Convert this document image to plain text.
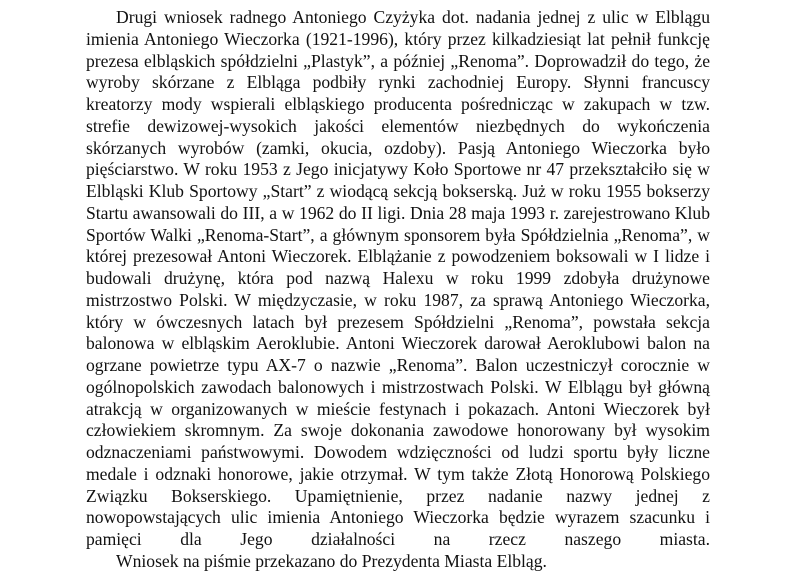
Drugi wniosek radnego Antoniego Czyżyka dot. nadania jednej z ulic w Elblągu imienia Antoniego Wieczorka (1921-1996), który przez kilkadziesiąt lat pełnił funkcję prezesa elbląskich spółdzielni „Plastyk”, a później „Renoma”. Doprowadził do tego, że wyroby skórzane z Elbląga podbiły rynki zachodniej Europy. Słynni francuscy kreatorzy mody wspierali elbląskiego producenta pośrednicząc w zakupach w tzw. strefie dewizowej-wysokich jakości elementów niezbędnych do wykończenia skórzanych wyrobów (zamki, okucia, ozdoby). Pasją Antoniego Wieczorka było pięściarstwo. W roku 1953 z Jego inicjatywy Koło Sportowe nr 47 przekształciło się w Elbląski Klub Sportowy „Start” z wiodącą sekcją bokserską. Już w roku 1955 bokserzy Startu awansowali do III, a w 1962 do II ligi. Dnia 28 maja 1993 r. zarejestrowano Klub Sportów Walki „Renoma-Start”, a głównym sponsorem była Spółdzielnia „Renoma”, w której prezesował Antoni Wieczorek. Elblążanie z powodzeniem boksowali w I lidze i budowali drużynę, która pod nazwą Halexu w roku 1999 zdobyła drużynowe mistrzostwo Polski. W międzyczasie, w roku 1987, za sprawą Antoniego Wieczorka, który w ówczesnych latach był prezesem Spółdzielni „Renoma”, powstała sekcja balonowa w elbląskim Aeroklubie. Antoni Wieczorek darował Aeroklubowi balon na ogrzane powietrze typu AX-7 o nazwie „Renoma”. Balon uczestniczył corocznie w ogólnopolskich zawodach balonowych i mistrzostwach Polski. W Elblągu był główną atrakcją w organizowanych w mieście festynach i pokazach. Antoni Wieczorek był człowiekiem skromnym. Za swoje dokonania zawodowe honorowany był wysokim odznaczeniami państwowymi. Dowodem wdzięczności od ludzi sportu były liczne medale i odznaki honorowe, jakie otrzymał. W tym także Złotą Honorową Polskiego Związku Bokserskiego. Upamiętnienie, przez nadanie nazwy jednej z nowopowstających ulic imienia Antoniego Wieczorka będzie wyrazem szacunku i pamięci dla Jego działalności na rzecz naszego miasta.

Wniosek na piśmie przekazano do Prezydenta Miasta Elbląg.
